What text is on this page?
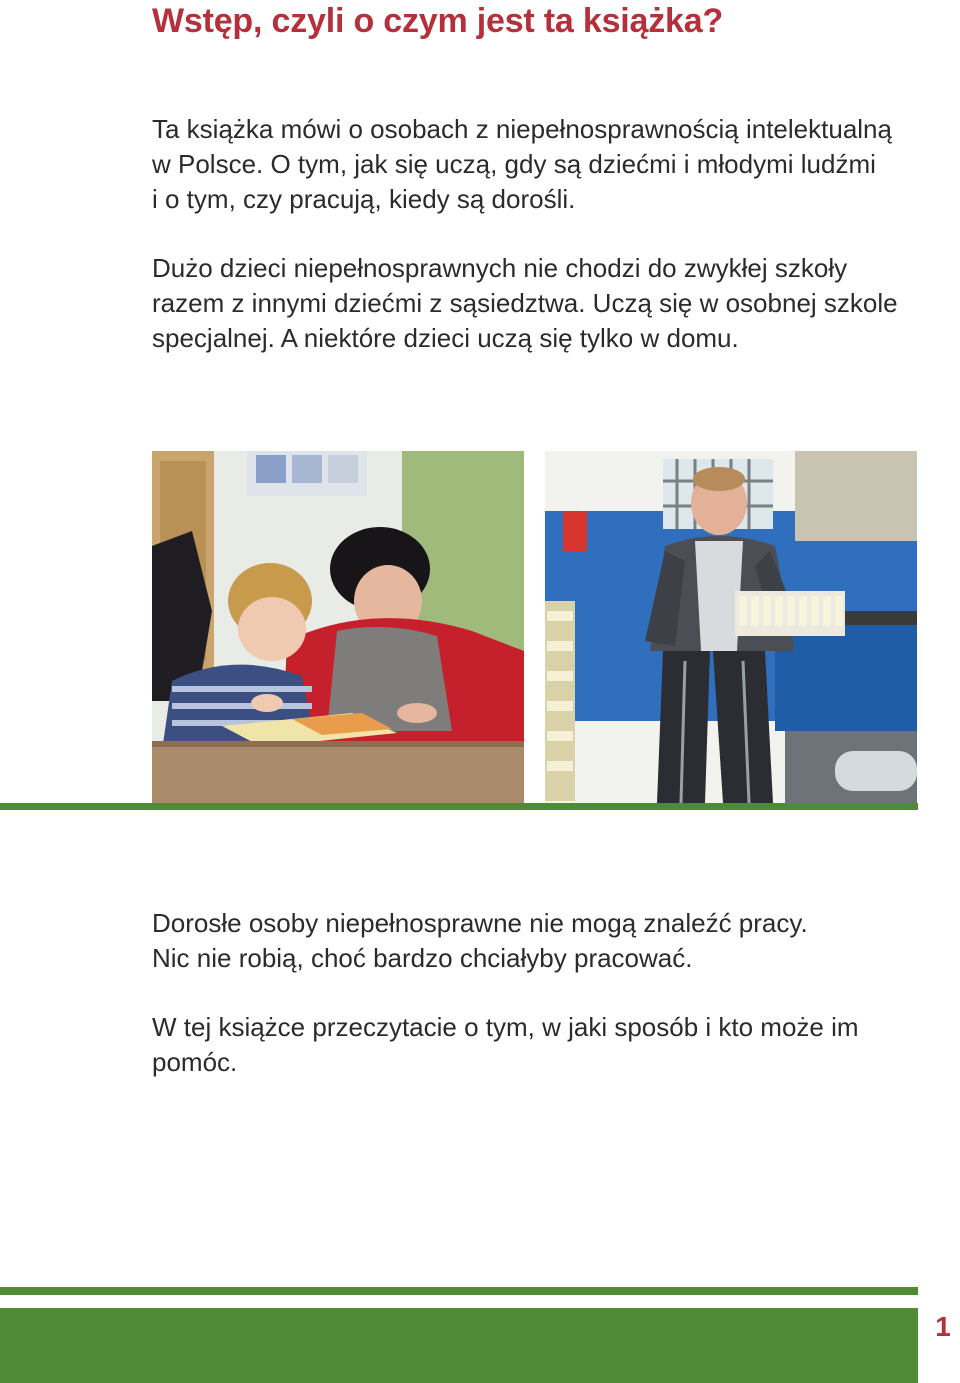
Wstęp, czyli o czym jest ta książka?
Ta książka mówi o osobach z niepełnosprawnością intelektualną
w Polsce. O tym, jak się uczą, gdy są dziećmi i młodymi ludźmi
i o tym, czy pracują, kiedy są dorośli.
Dużo dzieci niepełnosprawnych nie chodzi do zwykłej szkoły
razem z innymi dziećmi z sąsiedztwa. Uczą się w osobnej szkole
specjalnej. A niektóre dzieci uczą się tylko w domu.
Dorosłe osoby niepełnosprawne nie mogą znaleźć pracy.
Nic nie robią, choć bardzo chciałyby pracować.
W tej książce przeczytacie o tym, w jaki sposób i kto może im
pomóc.
1
